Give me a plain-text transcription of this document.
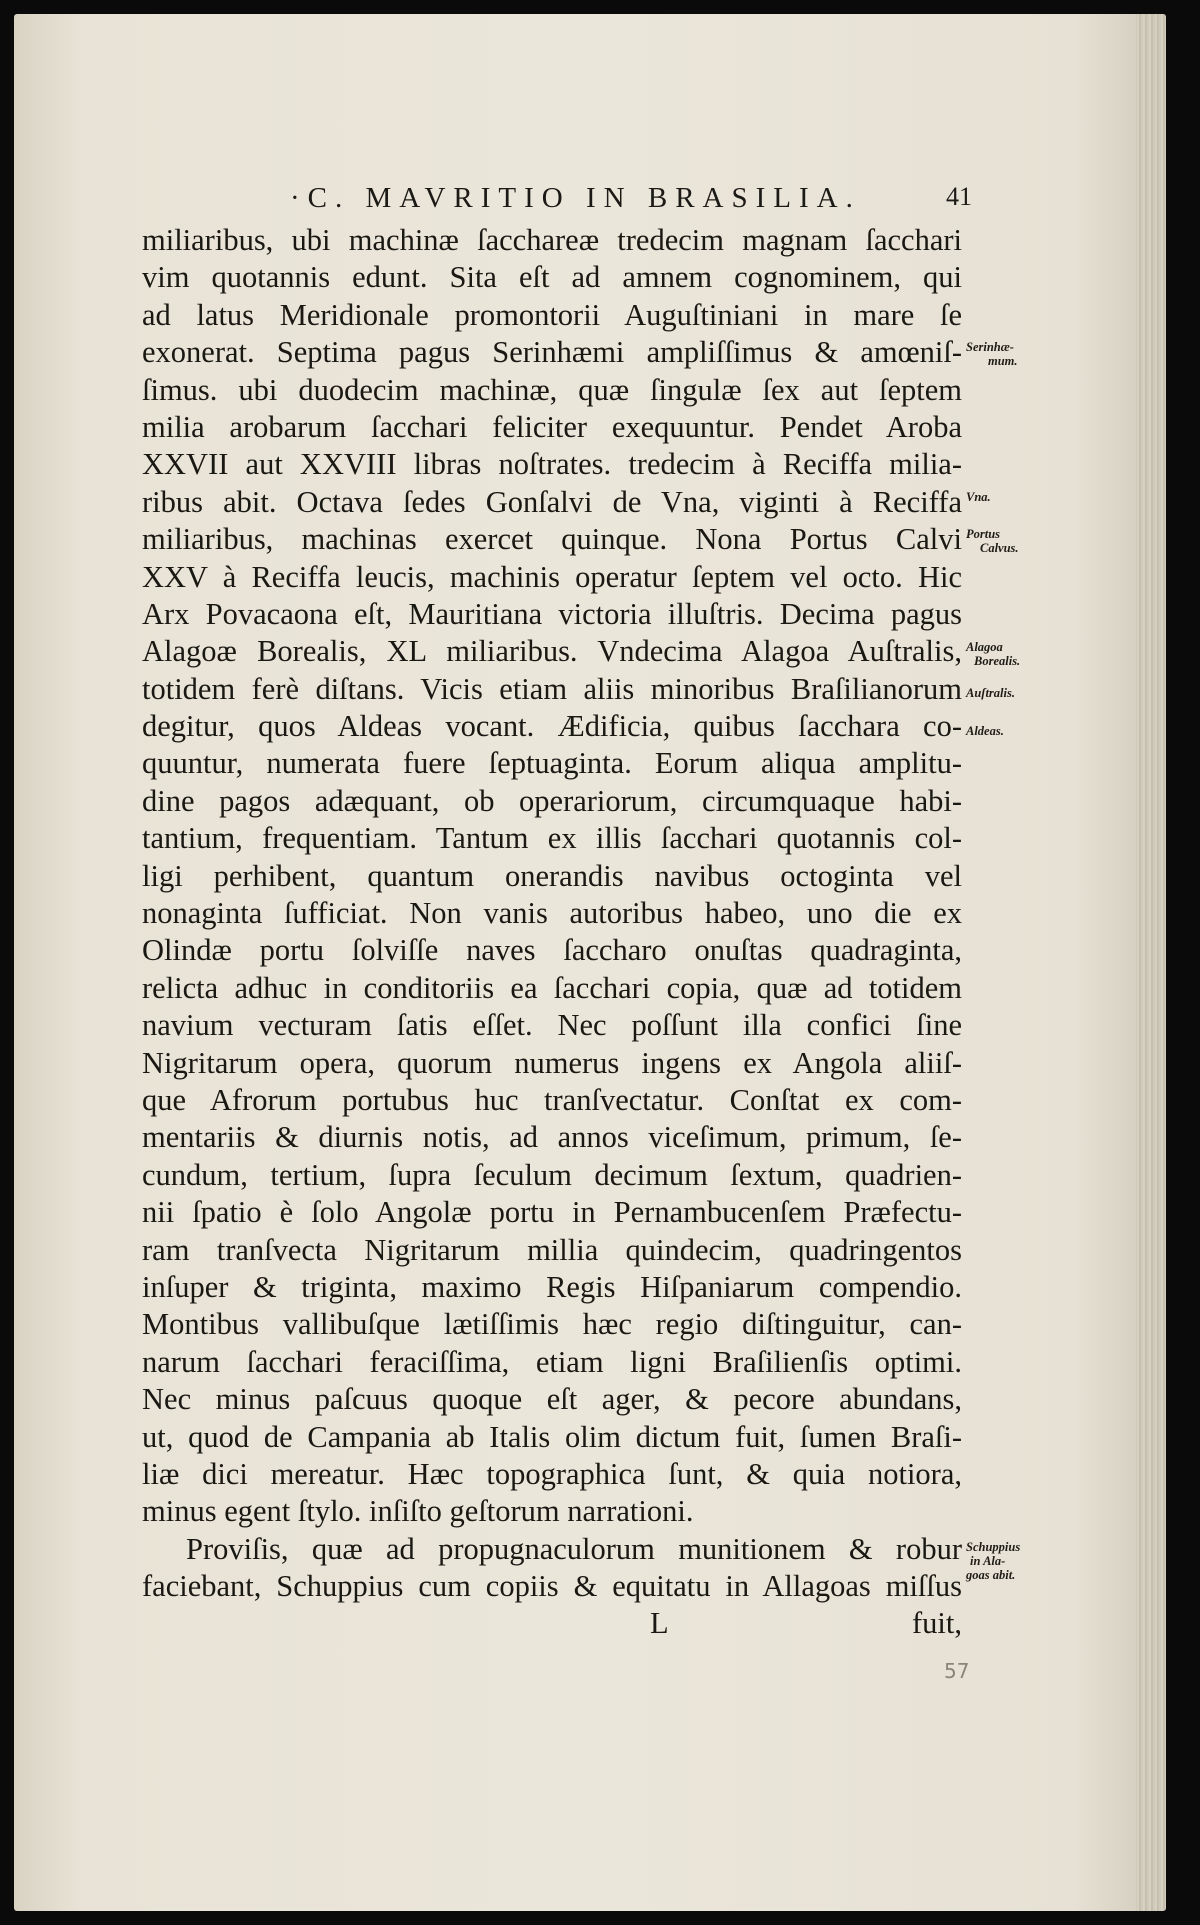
·C. MAVRITIO IN BRASILIA.	41
miliaribus, ubi machinæ ſacchareæ tredecim magnam ſacchari
vim quotannis edunt. Sita eſt ad amnem cognominem, qui
ad latus Meridionale promontorii Auguſtiniani in mare ſe
exonerat. Septima pagus Serinhæmi ampliſſimus & amœniſ-
ſimus. ubi duodecim machinæ, quæ ſingulæ ſex aut ſeptem
milia arobarum ſacchari feliciter exequuntur. Pendet Aroba
XXVII aut XXVIII libras noſtrates. tredecim à Reciffa milia-
ribus abit. Octava ſedes Gonſalvi de Vna, viginti à Reciffa
miliaribus, machinas exercet quinque. Nona Portus Calvi
XXV à Reciffa leucis, machinis operatur ſeptem vel octo. Hic
Arx Povacaona eſt, Mauritiana victoria illuſtris. Decima pagus
Alagoæ Borealis, XL miliaribus. Vndecima Alagoa Auſtralis,
totidem ferè diſtans. Vicis etiam aliis minoribus Braſilianorum
degitur, quos Aldeas vocant. Ædificia, quibus ſacchara co-
quuntur, numerata fuere ſeptuaginta. Eorum aliqua amplitu-
dine pagos adæquant, ob operariorum, circumquaque habi-
tantium, frequentiam. Tantum ex illis ſacchari quotannis col-
ligi perhibent, quantum onerandis navibus octoginta vel
nonaginta ſufficiat. Non vanis autoribus habeo, uno die ex
Olindæ portu ſolviſſe naves ſaccharo onuſtas quadraginta,
relicta adhuc in conditoriis ea ſacchari copia, quæ ad totidem
navium vecturam ſatis eſſet. Nec poſſunt illa confici ſine
Nigritarum opera, quorum numerus ingens ex Angola aliiſ-
que Afrorum portubus huc tranſvectatur. Conſtat ex com-
mentariis & diurnis notis, ad annos viceſimum, primum, ſe-
cundum, tertium, ſupra ſeculum decimum ſextum, quadrien-
nii ſpatio è ſolo Angolæ portu in Pernambucenſem Præfectu-
ram tranſvecta Nigritarum millia quindecim, quadringentos
inſuper & triginta, maximo Regis Hiſpaniarum compendio.
Montibus vallibuſque lætiſſimis hæc regio diſtinguitur, can-
narum ſacchari feraciſſima, etiam ligni Braſilienſis optimi.
Nec minus paſcuus quoque eſt ager, & pecore abundans,
ut, quod de Campania ab Italis olim dictum fuit, ſumen Braſi-
liæ dici mereatur. Hæc topographica ſunt, & quia notiora,
minus egent ſtylo. inſiſto geſtorum narrationi.
Proviſis, quæ ad propugnaculorum munitionem & robur
faciebant, Schuppius cum copiis & equitatu in Allagoas miſſus
L	fuit,
Serinhæ-
mum.
Vna.
Portus
Calvus.
Alagoa
Borealis.
Auſtralis.
Aldeas.
Schuppius
in Ala-
goas abit.
57
